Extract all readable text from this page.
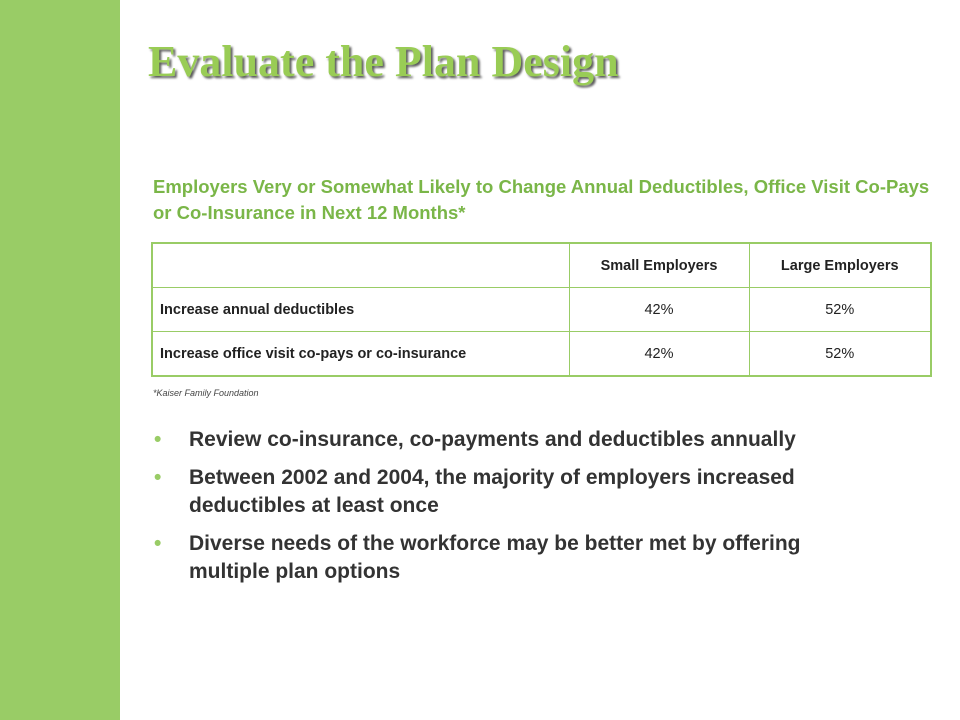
Evaluate the Plan Design
Employers Very or Somewhat Likely to Change Annual Deductibles, Office Visit Co-Pays or Co-Insurance in Next 12 Months*
	Small Employers	Large Employers
Increase annual deductibles	42%	52%
Increase office visit co-pays or co-insurance	42%	52%
*Kaiser Family Foundation
• Review co-insurance, co-payments and deductibles annually
• Between 2002 and 2004, the majority of employers increased deductibles at least once
• Diverse needs of the workforce may be better met by offering multiple plan options
